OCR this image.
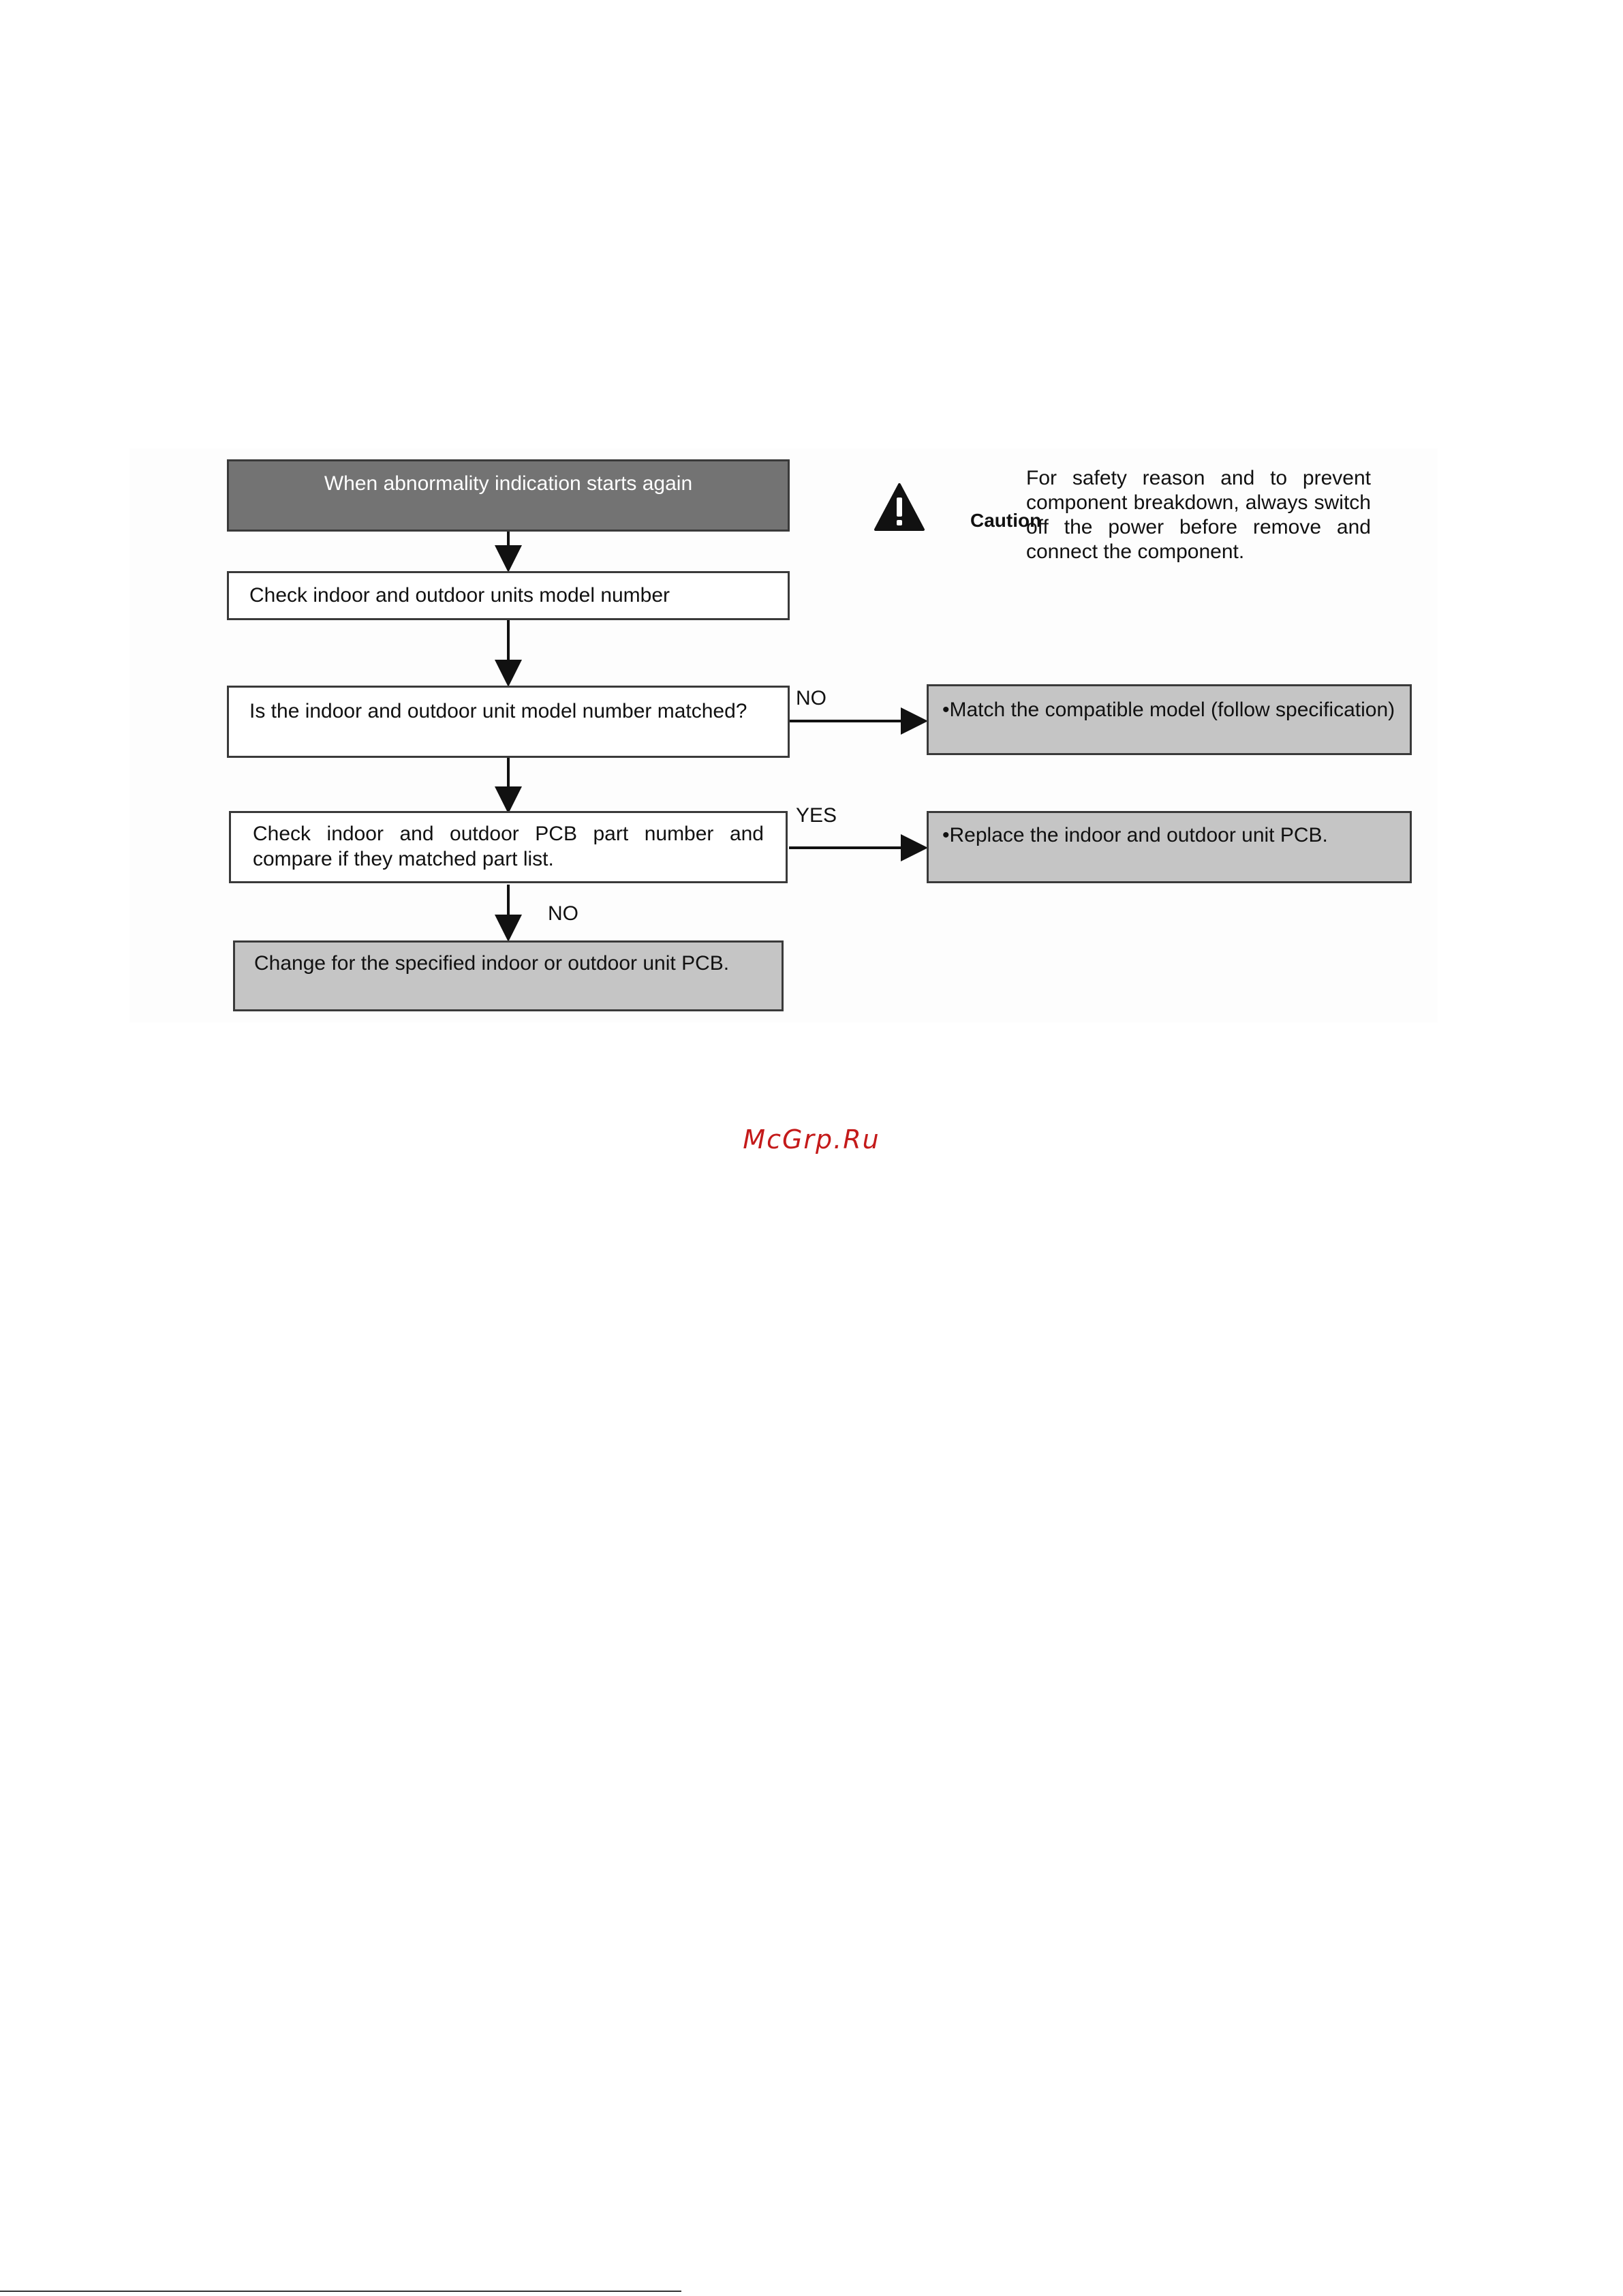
When abnormality indication starts again
Check indoor and outdoor units model number
Is the indoor and outdoor unit model number matched?	•Match the compatible model (follow specification)
Check indoor and outdoor PCB part number and compare if they matched part list.
•Replace the indoor and outdoor unit PCB.
Change for the specified indoor or outdoor unit PCB.
NO
YES
NO
Caution
For safety reason and to prevent component breakdown, always switch off the power before remove and connect the component.
McGrp.Ru
